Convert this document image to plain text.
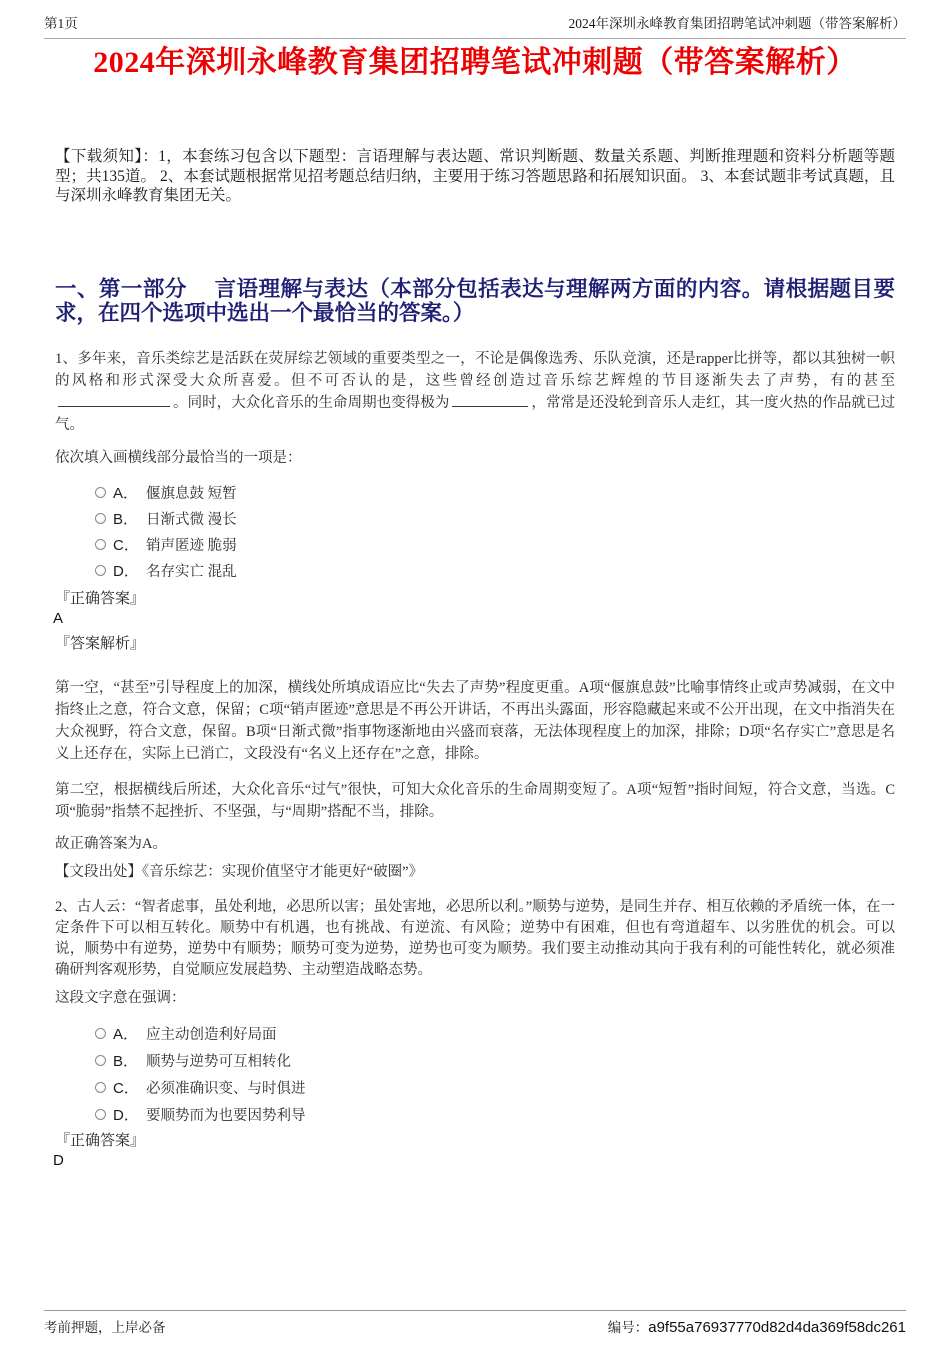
第1页	2024年深圳永峰教育集团招聘笔试冲刺题（带答案解析）
2024年深圳永峰教育集团招聘笔试冲刺题（带答案解析）

【下载须知】：1，本套练习包含以下题型：言语理解与表达题、常识判断题、数量关系题、判断推理题和资料分析题等题型；共135道。 2、本套试题根据常见招考题总结归纳，主要用于练习答题思路和拓展知识面。 3、本套试题非考试真题，且与深圳永峰教育集团无关。

一、第一部分　 言语理解与表达（本部分包括表达与理解两方面的内容。请根据题目要求，在四个选项中选出一个最恰当的答案。）

1、多年来，音乐类综艺是活跃在荧屏综艺领域的重要类型之一，不论是偶像选秀、乐队竞演，还是rapper比拼等，都以其独树一帜的风格和形式深受大众所喜爱。但不可否认的是，这些曾经创造过音乐综艺辉煌的节目逐渐失去了声势，有的甚至。同时，大众化音乐的生命周期也变得极为	，常常是还没轮到音乐人走红，其一度火热的作品就已过气。

依次填入画横线部分最恰当的一项是：

A． 偃旗息鼓 短暂
B． 日渐式微 漫长
C． 销声匿迹 脆弱
D． 名存实亡 混乱

『正确答案』

A

『答案解析』

第一空，“甚至”引导程度上的加深，横线处所填成语应比“失去了声势”程度更重。A项“偃旗息鼓”比喻事情终止或声势减弱，在文中指终止之意，符合文意，保留；C项“销声匿迹”意思是不再公开讲话，不再出头露面，形容隐藏起来或不公开出现，在文中指消失在大众视野，符合文意，保留。B项“日渐式微”指事物逐渐地由兴盛而衰落，无法体现程度上的加深，排除；D项“名存实亡”意思是名义上还存在，实际上已消亡，文段没有“名义上还存在”之意，排除。

第二空，根据横线后所述，大众化音乐“过气”很快，可知大众化音乐的生命周期变短了。A项“短暂”指时间短，符合文意，当选。C项“脆弱”指禁不起挫折、不坚强，与“周期”搭配不当，排除。

故正确答案为A。

【文段出处】《音乐综艺：实现价值坚守才能更好“破圈”》

2、古人云：“智者虑事，虽处利地，必思所以害；虽处害地，必思所以利。”顺势与逆势，是同生并存、相互依赖的矛盾统一体，在一定条件下可以相互转化。顺势中有机遇，也有挑战、有逆流、有风险；逆势中有困难，但也有弯道超车、以劣胜优的机会。可以说，顺势中有逆势，逆势中有顺势；顺势可变为逆势，逆势也可变为顺势。我们要主动推动其向于我有利的可能性转化，就必须准确研判客观形势，自觉顺应发展趋势、主动塑造战略态势。

这段文字意在强调：

A． 应主动创造利好局面
B． 顺势与逆势可互相转化
C． 必须准确识变、与时俱进
D． 要顺势而为也要因势利导

『正确答案』

D

考前押题，上岸必备	编号：a9f55a76937770d82d4da369f58dc261
